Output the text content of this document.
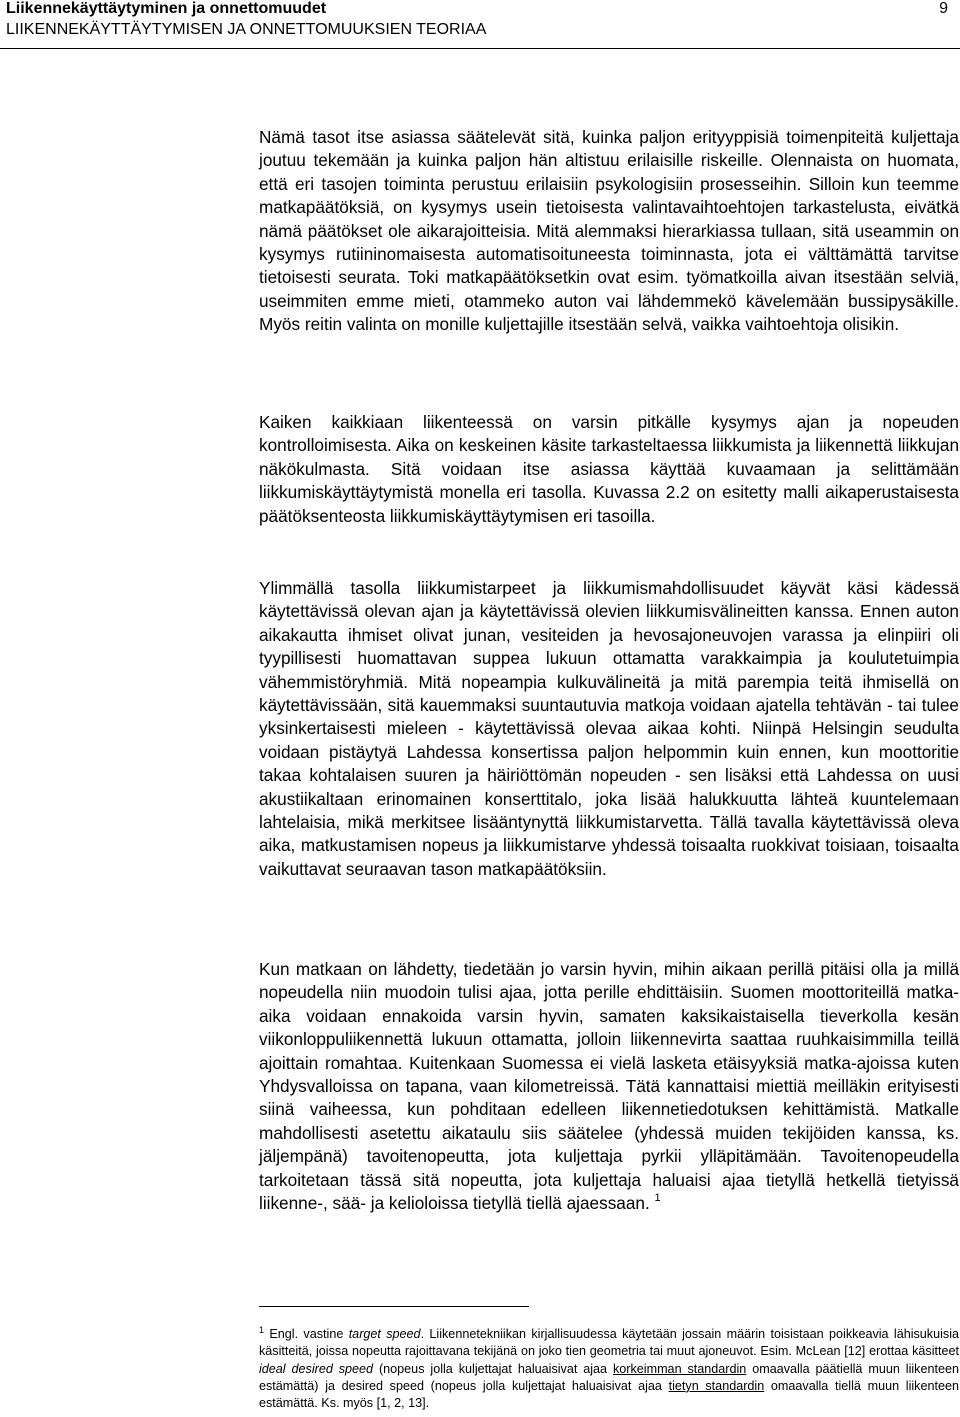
Liikennekäyttäytyminen ja onnettomuudet
LIIKENNEKÄYTTÄYTYMISEN JA ONNETTOMUUKSIEN TEORIAA
9

Nämä tasot itse asiassa säätelevät sitä, kuinka paljon erityyppisiä toimenpiteitä kuljettaja joutuu tekemään ja kuinka paljon hän altistuu erilaisille riskeille. Olennaista on huomata, että eri tasojen toiminta perustuu erilaisiin psykologisiin prosesseihin. Silloin kun teemme matkapäätöksiä, on kysymys usein tietoisesta valintavaihtoehtojen tarkastelusta, eivätkä nämä päätökset ole aikarajoitteisia. Mitä alemmaksi hierarkiassa tullaan, sitä useammin on kysymys rutiininomaisesta automatisoituneesta toiminnasta, jota ei välttämättä tarvitse tietoisesti seurata. Toki matkapäätöksetkin ovat esim. työmatkoilla aivan itsestään selviä, useimmiten emme mieti, otammeko auton vai lähdemmekö kävelemään bussipysäkille. Myös reitin valinta on monille kuljettajille itsestään selvä, vaikka vaihtoehtoja olisikin.

Kaiken kaikkiaan liikenteessä on varsin pitkälle kysymys ajan ja nopeuden kontrolloimisesta. Aika on keskeinen käsite tarkasteltaessa liikkumista ja liikennettä liikkujan näkökulmasta. Sitä voidaan itse asiassa käyttää kuvaamaan ja selittämään liikkumiskäyttäytymistä monella eri tasolla. Kuvassa 2.2 on esitetty malli aikaperustaisesta päätöksenteosta liikkumiskäyttäytymisen eri tasoilla.

Ylimmällä tasolla liikkumistarpeet ja liikkumismahdollisuudet käyvät käsi kädessä käytettävissä olevan ajan ja käytettävissä olevien liikkumisvälineitten kanssa. Ennen auton aikakautta ihmiset olivat junan, vesiteiden ja hevosajoneuvojen varassa ja elinpiiri oli tyypillisesti huomattavan suppea lukuun ottamatta varakkaimpia ja koulutetuimpia vähemmistöryhmiä. Mitä nopeampia kulkuvälineitä ja mitä parempia teitä ihmisellä on käytettävissään, sitä kauemmaksi suuntautuvia matkoja voidaan ajatella tehtävän - tai tulee yksinkertaisesti mieleen - käytettävissä olevaa aikaa kohti. Niinpä Helsingin seudulta voidaan pistäytyä Lahdessa konsertissa paljon helpommin kuin ennen, kun moottoritie takaa kohtalaisen suuren ja häiriöttömän nopeuden - sen lisäksi että Lahdessa on uusi akustiikaltaan erinomainen konserttitalo, joka lisää halukkuutta lähteä kuuntelemaan lahtelaisia, mikä merkitsee lisääntynyttä liikkumistarvetta. Tällä tavalla käytettävissä oleva aika, matkustamisen nopeus ja liikkumistarve yhdessä toisaalta ruokkivat toisiaan, toisaalta vaikuttavat seuraavan tason matkapäätöksiin.

Kun matkaan on lähdetty, tiedetään jo varsin hyvin, mihin aikaan perillä pitäisi olla ja millä nopeudella niin muodoin tulisi ajaa, jotta perille ehdittäisiin. Suomen moottoriteillä matka-aika voidaan ennakoida varsin hyvin, samaten kaksikaistaisella tieverkolla kesän viikonloppuliikennettä lukuun ottamatta, jolloin liikennevirta saattaa ruuhkaisimmilla teillä ajoittain romahtaa. Kuitenkaan Suomessa ei vielä lasketa etäisyyksiä matka-ajoissa kuten Yhdysvalloissa on tapana, vaan kilometreissä. Tätä kannattaisi miettiä meilläkin erityisesti siinä vaiheessa, kun pohditaan edelleen liikennetiedotuksen kehittämistä. Matkalle mahdollisesti asetettu aikataulu siis säätelee (yhdessä muiden tekijöiden kanssa, ks. jäljempänä) tavoitenopeutta, jota kuljettaja pyrkii ylläpitämään. Tavoitenopeudella tarkoitetaan tässä sitä nopeutta, jota kuljettaja haluaisi ajaa tietyllä hetkellä tietyissä liikenne-, sää- ja kelioloissa tietyllä tiellä ajaessaan. $^1$

$^1$ Engl. vastine target speed. Liikennetekniikan kirjallisuudessa käytetään jossain määrin toisistaan poikkeavia lähisukuisia käsitteitä, joissa nopeutta rajoittavana tekijänä on joko tien geometria tai muut ajoneuvot. Esim. McLean [12] erottaa käsitteet ideal desired speed (nopeus jolla kuljettajat haluaisivat ajaa korkeimman standardin omaavalla päätiellä muun liikenteen estämättä) ja desired speed (nopeus jolla kuljettajat haluaisivat ajaa tietyn standardin omaavalla tiellä muun liikenteen estämättä. Ks. myös [1, 2, 13].
